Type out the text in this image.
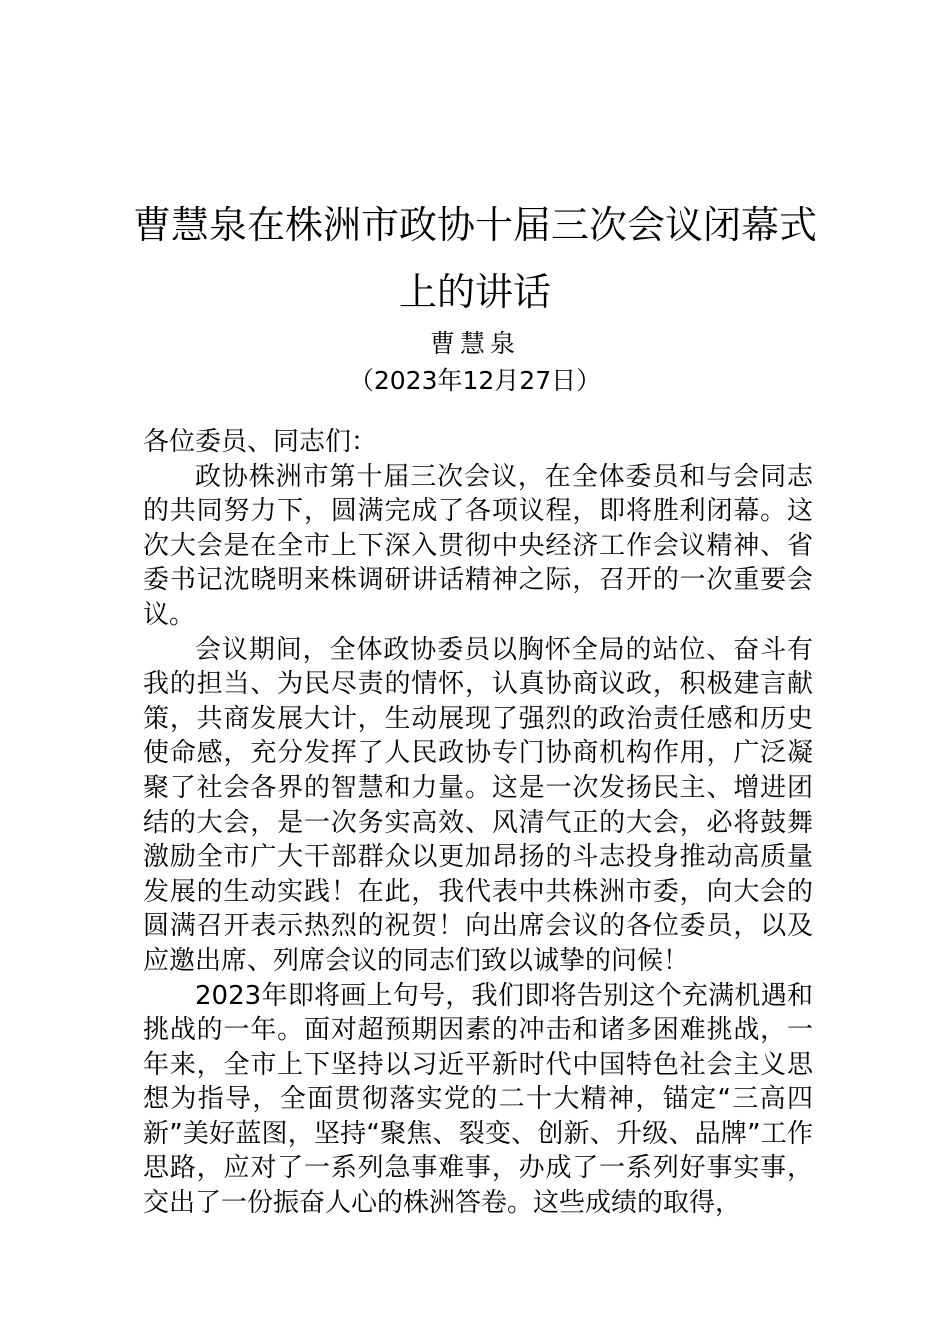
曹慧泉在株洲市政协十届三次会议闭幕式
上的讲话
曹慧泉
（2023年12月27日）

各位委员、同志们：

政协株洲市第十届三次会议，在全体委员和与会同志的共同努力下，圆满完成了各项议程，即将胜利闭幕。这次大会是在全市上下深入贯彻中央经济工作会议精神、省委书记沈晓明来株调研讲话精神之际，召开的一次重要会议。

会议期间，全体政协委员以胸怀全局的站位、奋斗有我的担当、为民尽责的情怀，认真协商议政，积极建言献策，共商发展大计，生动展现了强烈的政治责任感和历史使命感，充分发挥了人民政协专门协商机构作用，广泛凝聚了社会各界的智慧和力量。这是一次发扬民主、增进团结的大会，是一次务实高效、风清气正的大会，必将鼓舞激励全市广大干部群众以更加昂扬的斗志投身推动高质量发展的生动实践！在此，我代表中共株洲市委，向大会的圆满召开表示热烈的祝贺！向出席会议的各位委员，以及应邀出席、列席会议的同志们致以诚挚的问候！

2023年即将画上句号，我们即将告别这个充满机遇和挑战的一年。面对超预期因素的冲击和诸多困难挑战，一年来，全市上下坚持以习近平新时代中国特色社会主义思想为指导，全面贯彻落实党的二十大精神，锚定“三高四新”美好蓝图，坚持“聚焦、裂变、创新、升级、品牌”工作思路，应对了一系列急事难事，办成了一系列好事实事，交出了一份振奋人心的株洲答卷。这些成绩的取得，
